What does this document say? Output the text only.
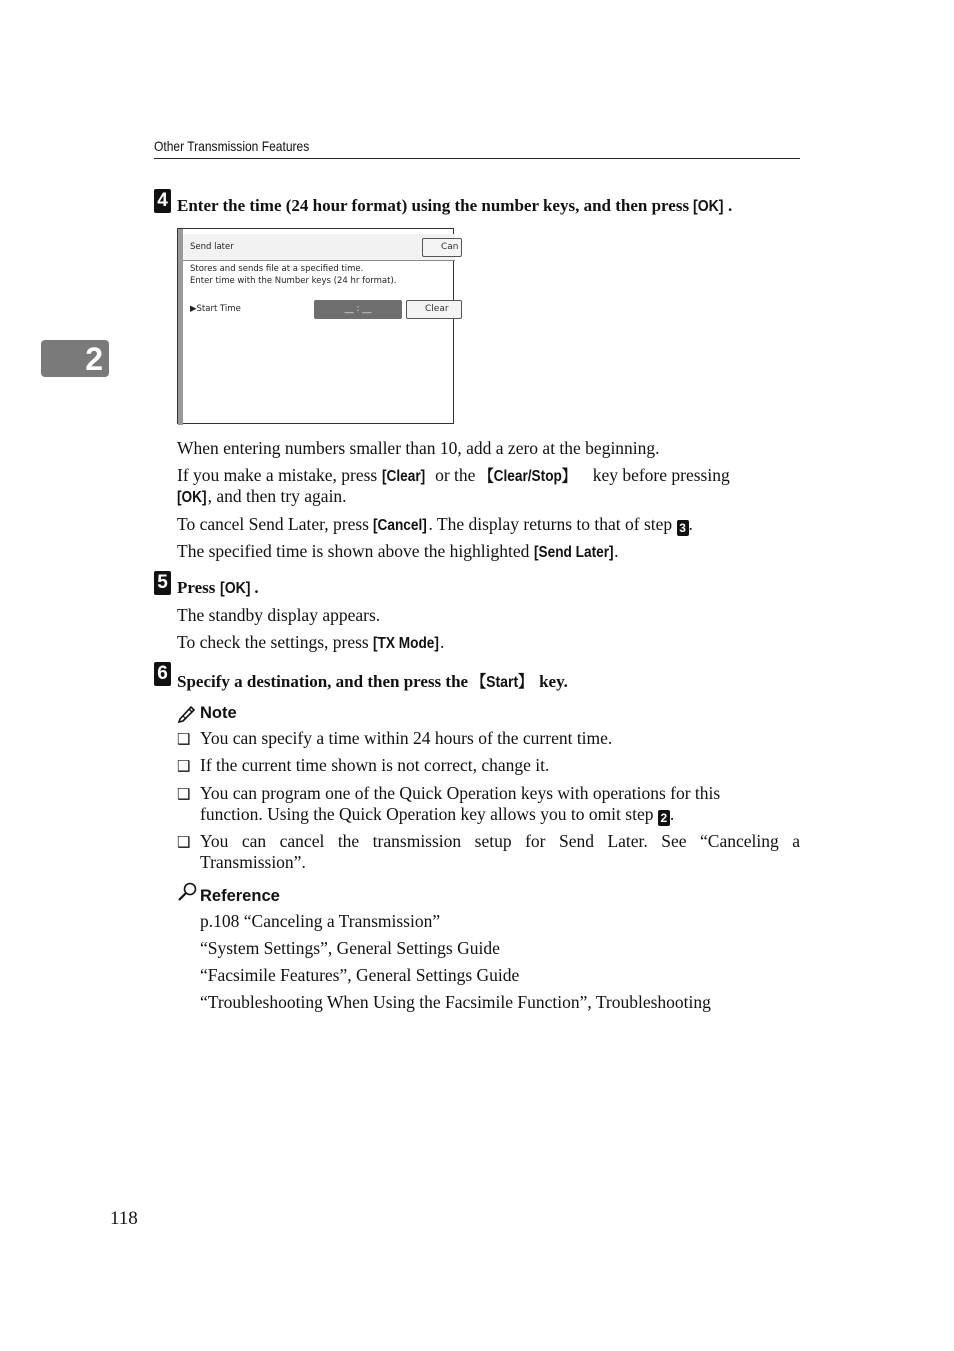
Other Transmission Features
2
4 Enter the time (24 hour format) using the number keys, and then press [OK] .
Send later	Can
Stores and sends file at a specified time.
Enter time with the Number keys (24 hr format).
▶Start Time	__ : __	Clear
When entering numbers smaller than 10, add a zero at the beginning.
If you make a mistake, press [Clear] or the 【Clear/Stop】 key before pressing
[OK], and then try again.
To cancel Send Later, press [Cancel]. The display returns to that of step 3 .
The specified time is shown above the highlighted [Send Later].
5 Press [OK] .
The standby display appears.
To check the settings, press [TX Mode].
6 Specify a destination, and then press the 【Start】 key.
Note
❑ You can specify a time within 24 hours of the current time.
❑ If the current time shown is not correct, change it.
❑ You can program one of the Quick Operation keys with operations for this
function. Using the Quick Operation key allows you to omit step 2 .
❑ You can cancel the transmission setup for Send Later. See “Canceling a
Transmission”.
Reference
p.108 “Canceling a Transmission”
“System Settings”, General Settings Guide
“Facsimile Features”, General Settings Guide
“Troubleshooting When Using the Facsimile Function”, Troubleshooting
118
